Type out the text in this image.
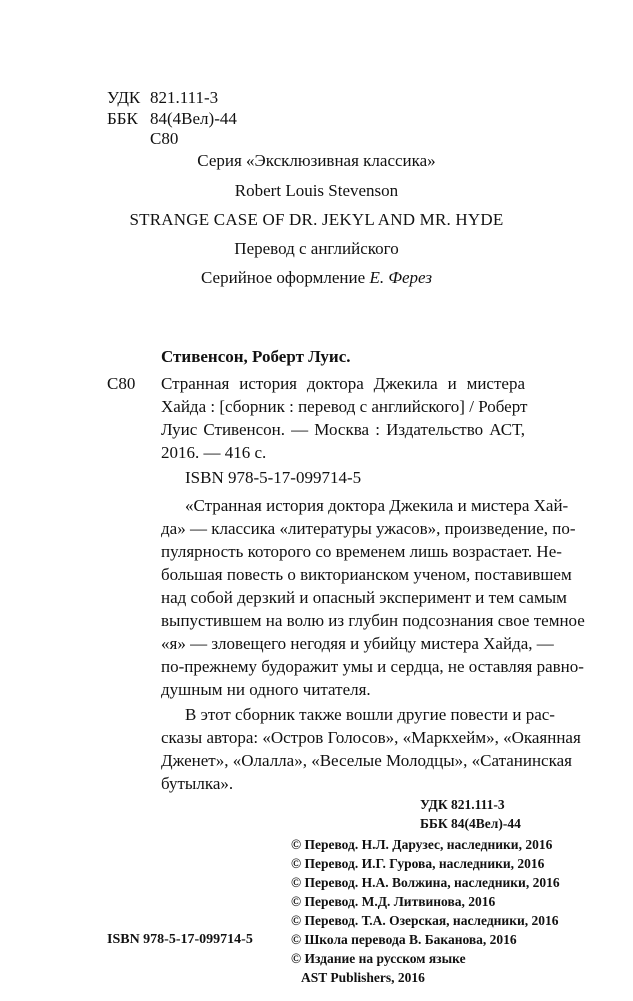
УДК 821.111-3
ББК 84(4Вел)-44
С80
Серия «Эксклюзивная классика»
Robert Louis Stevenson
STRANGE CASE OF DR. JEKYL AND MR. HYDE
Перевод с английского
Серийное оформление Е. Ферез
Стивенсон, Роберт Луис.
С80 Странная история доктора Джекила и мистера
Хайда : [сборник : перевод с английского] / Роберт
Луис Стивенсон. — Москва : Издательство АСТ,
2016. — 416 с.
ISBN 978-5-17-099714-5
«Странная история доктора Джекила и мистера Хай-
да» — классика «литературы ужасов», произведение, по-
пулярность которого со временем лишь возрастает. Не-
большая повесть о викторианском ученом, поставившем
над собой дерзкий и опасный эксперимент и тем самым
выпустившем на волю из глубин подсознания свое темное
«я» — зловещего негодяя и убийцу мистера Хайда, —
по-прежнему будоражит умы и сердца, не оставляя равно-
душным ни одного читателя.
В этот сборник также вошли другие повести и рас-
сказы автора: «Остров Голосов», «Маркхейм», «Окаянная
Дженет», «Олалла», «Веселые Молодцы», «Сатанинская
бутылка».
УДК 821.111-3
ББК 84(4Вел)-44
© Перевод. Н.Л. Дарузес, наследники, 2016
© Перевод. И.Г. Гурова, наследники, 2016
© Перевод. Н.А. Волжина, наследники, 2016
© Перевод. М.Д. Литвинова, 2016
© Перевод. Т.А. Озерская, наследники, 2016
© Школа перевода В. Баканова, 2016
© Издание на русском языке
AST Publishers, 2016
ISBN 978-5-17-099714-5
